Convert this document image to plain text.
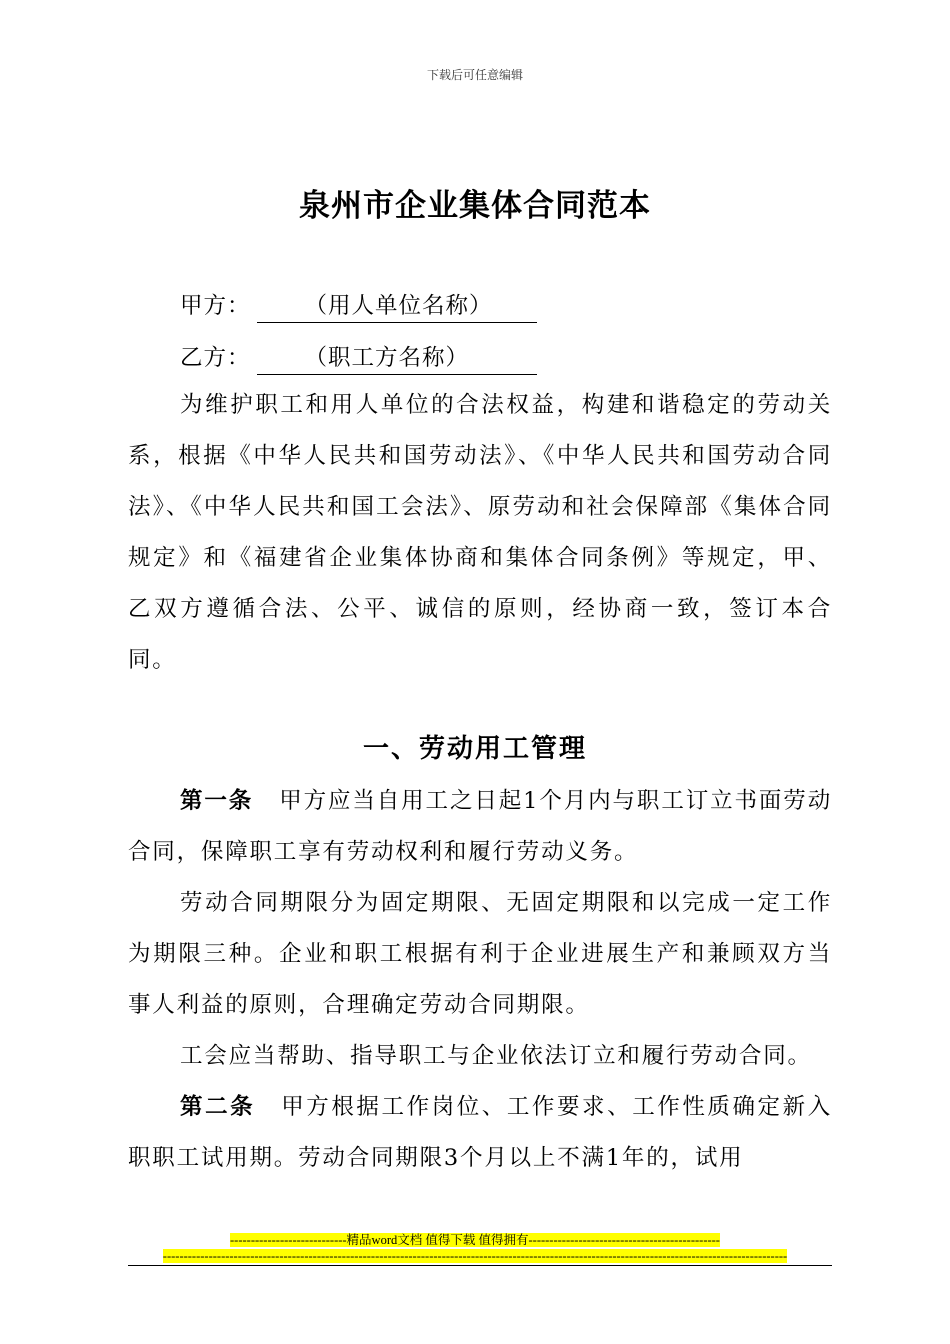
下载后可任意编辑
泉州市企业集体合同范本
甲方： （用人单位名称）
乙方： （职工方名称）

为维护职工和用人单位的合法权益，构建和谐稳定的劳动关系，根据《中华人民共和国劳动法》、《中华人民共和国劳动合同法》、《中华人民共和国工会法》、原劳动和社会保障部《集体合同规定》和《福建省企业集体协商和集体合同条例》等规定，甲、乙双方遵循合法、公平、诚信的原则，经协商一致，签订本合同。

一、劳动用工管理

第一条 甲方应当自用工之日起1个月内与职工订立书面劳动合同，保障职工享有劳动权利和履行劳动义务。

劳动合同期限分为固定期限、无固定期限和以完成一定工作为期限三种。企业和职工根据有利于企业进展生产和兼顾双方当事人利益的原则，合理确定劳动合同期限。

工会应当帮助、指导职工与企业依法订立和履行劳动合同。

第二条 甲方根据工作岗位、工作要求、工作性质确定新入职职工试用期。劳动合同期限3个月以上不满1年的，试用

----------------------------精品word文档 值得下载 值得拥有----------------------------------------------
------------------------------------------------------------------------------------------------------------------------------------------------------
